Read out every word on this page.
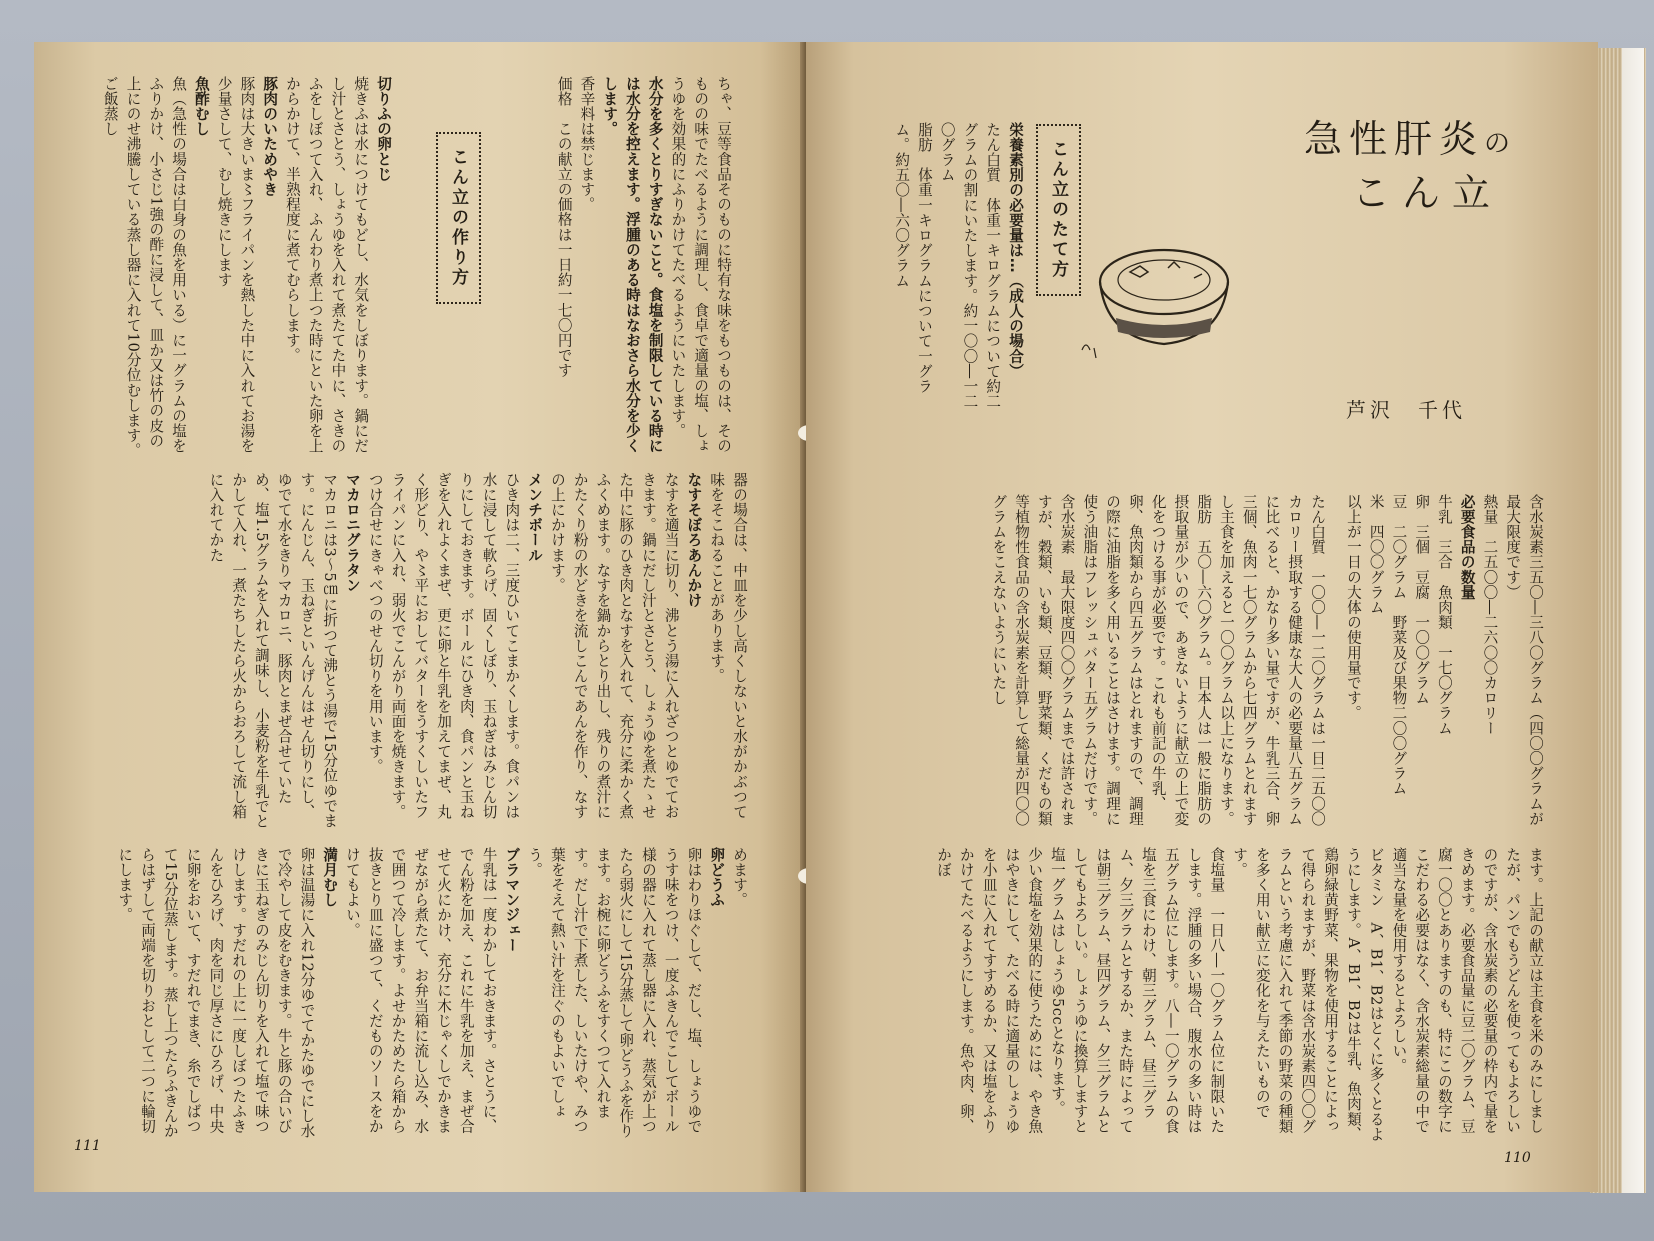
ちゃ、豆等食品そのものに特有な味をもつものは、そのものの味でたべるように調理し、食卓で適量の塩、しょうゆを効果的にふりかけてたべるようにいたします。

水分を多くとりすぎないこと。食塩を制限している時には水分を控えます。浮腫のある時はなおさら水分を少くします。

香辛料は禁じます。

価格　この献立の価格は一日約一七〇円です

こん立の作り方

切りふの卵とじ

焼きふは水につけてもどし、水気をしぼります。鍋にだし汁とさとう、しょうゆを入れて煮たてた中に、さきのふをしぼつて入れ、ふんわり煮上つた時にといた卵を上からかけて、半熟程度に煮てむらします。

豚肉のいためやき

豚肉は大きいま〻フライパンを熱した中に入れてお湯を少量さして、むし焼きにします

魚酢むし

魚（急性の場合は白身の魚を用いる）に一グラムの塩をふりかけ、小さじ1強の酢に浸して、皿か又は竹の皮の上にのせ沸騰している蒸し器に入れて10分位むします。ご飯蒸し

器の場合は、中皿を少し高くしないと水がかぶつて味をそこねることがあります。

なすそぼろあんかけ

なすを適当に切り、沸とう湯に入れざつとゆでておきます。鍋にだし汁とさとう、しょうゆを煮たゝせた中に豚のひき肉となすを入れて、充分に柔かく煮ふくめます。なすを鍋からとり出し、残りの煮汁にかたくり粉の水どきを流しこんであんを作り、なすの上にかけます。

メンチボール

ひき肉は二、三度ひいてこまかくします。食パンは水に浸して軟らげ、固くしぼり、玉ねぎはみじん切りにしておきます。ボールにひき肉、食パンと玉ねぎを入れよくまぜ、更に卵と牛乳を加えてまぜ、丸く形どり、や〻平におしてバターをうすくしいたフライパンに入れ、弱火でこんがり両面を焼きます。つけ合せにきゃべつのせん切りを用います。

マカロニグラタン

マカロニは3～5㎝に折つて沸とう湯で15分位ゆでます。にんじん、玉ねぎといんげんはせん切りにし、ゆでて水をきりマカロニ、豚肉とまぜ合せていため、塩1.5グラムを入れて調味し、小麦粉を牛乳でとかして入れ、一煮たちしたら火からおろして流し箱に入れてかた

めます。

卵どうふ

卵はわりほぐして、だし、塩、しょうゆでうす味をつけ、一度ふきんでこしてボール様の器に入れて蒸し器に入れ、蒸気が上つたら弱火にして15分蒸して卵どうふを作ります。お椀に卵どうふをすくつて入れます。だし汁で下煮した、しいたけや、みつ葉をそえて熱い汁を注ぐのもよいでしょう。

ブラマンジェー

牛乳は一度わかしておきます。さとうに、でん粉を加え、これに牛乳を加え、まぜ合せて火にかけ、充分に木じゃくしでかきまぜながら煮たて、お弁当箱に流し込み、水で囲つて冷します。よせかためたら箱から抜きとり皿に盛つて、くだものソースをかけてもよい。

満月むし

卵は温湯に入れ12分ゆでてかたゆでにし水で冷やして皮をむきます。牛と豚の合いびきに玉ねぎのみじん切りを入れて塩で味つけします。すだれの上に一度しぼつたふきんをひろげ、肉を同じ厚さにひろげ、中央に卵をおいて、すだれでまき、糸でしばつて15分位蒸します。蒸し上つたらふきんからはずして両端を切りおとして二つに輪切にします。

111
急性肝炎の
こん立
芦沢　千代
こん立のたて方

栄養素別の必要量は…（成人の場合）

たん白質　体重一キログラムについて約二グラムの割にいたします。約一〇〇―一二〇グラム

脂肪　体重一キログラムについて一グラム。約五〇―六〇グラム

含水炭素三五〇―三八〇グラム（四〇〇グラムが最大限度です）

熱量　二五〇〇―二六〇〇カロリー

必要食品の数量

牛乳　三合　魚肉類　一七〇グラム

卵　三個　豆腐　一〇〇グラム

豆　二〇グラム　野菜及び果物二〇〇グラム

米　四〇〇グラム

以上が一日の大体の使用量です。

たん白質　一〇〇―一二〇グラムは一日二五〇〇カロリー摂取する健康な大人の必要量八五グラムに比べると、かなり多い量ですが、牛乳三合、卵三個、魚肉一七〇グラムから七四グラムとれますし主食を加えると一〇〇グラム以上になります。

脂肪　五〇―六〇グラム。日本人は一般に脂肪の摂取量が少いので、あきないように献立の上で変化をつける事が必要です。これも前記の牛乳、卵、魚肉類から四五グラムはとれますので、調理の際に油脂を多く用いることはさけます。調理に使う油脂はフレッシュバター五グラムだけです。

含水炭素　最大限度四〇〇グラムまでは許されますが、穀類、いも類、豆類、野菜類、くだもの類等植物性食品の含水炭素を計算して総量が四〇〇グラムをこえないようにいたし

ます。上記の献立は主食を米のみにしましたが、パンでもうどんを使ってもよろしいのですが、含水炭素の必要量の枠内で量をきめます。必要食品量に豆二〇グラム、豆腐一〇〇とありますのも、特にこの数字にこだわる必要はなく、含水炭素総量の中で適当な量を使用するとよろしい。

ビタミン　A、B1、B2はとくに多くとるようにします。A、B1、B2は牛乳、魚肉類、鶏卵緑黄野菜、果物を使用することによって得られますが、野菜は含水炭素四〇〇グラムという考慮に入れて季節の野菜の種類を多く用い献立に変化を与えたいものです。

食塩量　一日八―一〇グラム位に制限いたします。浮腫の多い場合、腹水の多い時は五グラム位にします。八―一〇グラムの食塩を三食にわけ、朝三グラム、昼三グラム、夕三グラムとするか、また時によっては朝三グラム、昼四グラム、夕三グラムとしてもよろしい。しょうゆに換算しますと塩一グラムはしょうゆ5ccとなります。

少い食塩を効果的に使うためには、やき魚はやきにして、たべる時に適量のしょうゆを小皿に入れてすすめるか、又は塩をふりかけてたべるようにします。魚や肉、卵、かぼ

110
